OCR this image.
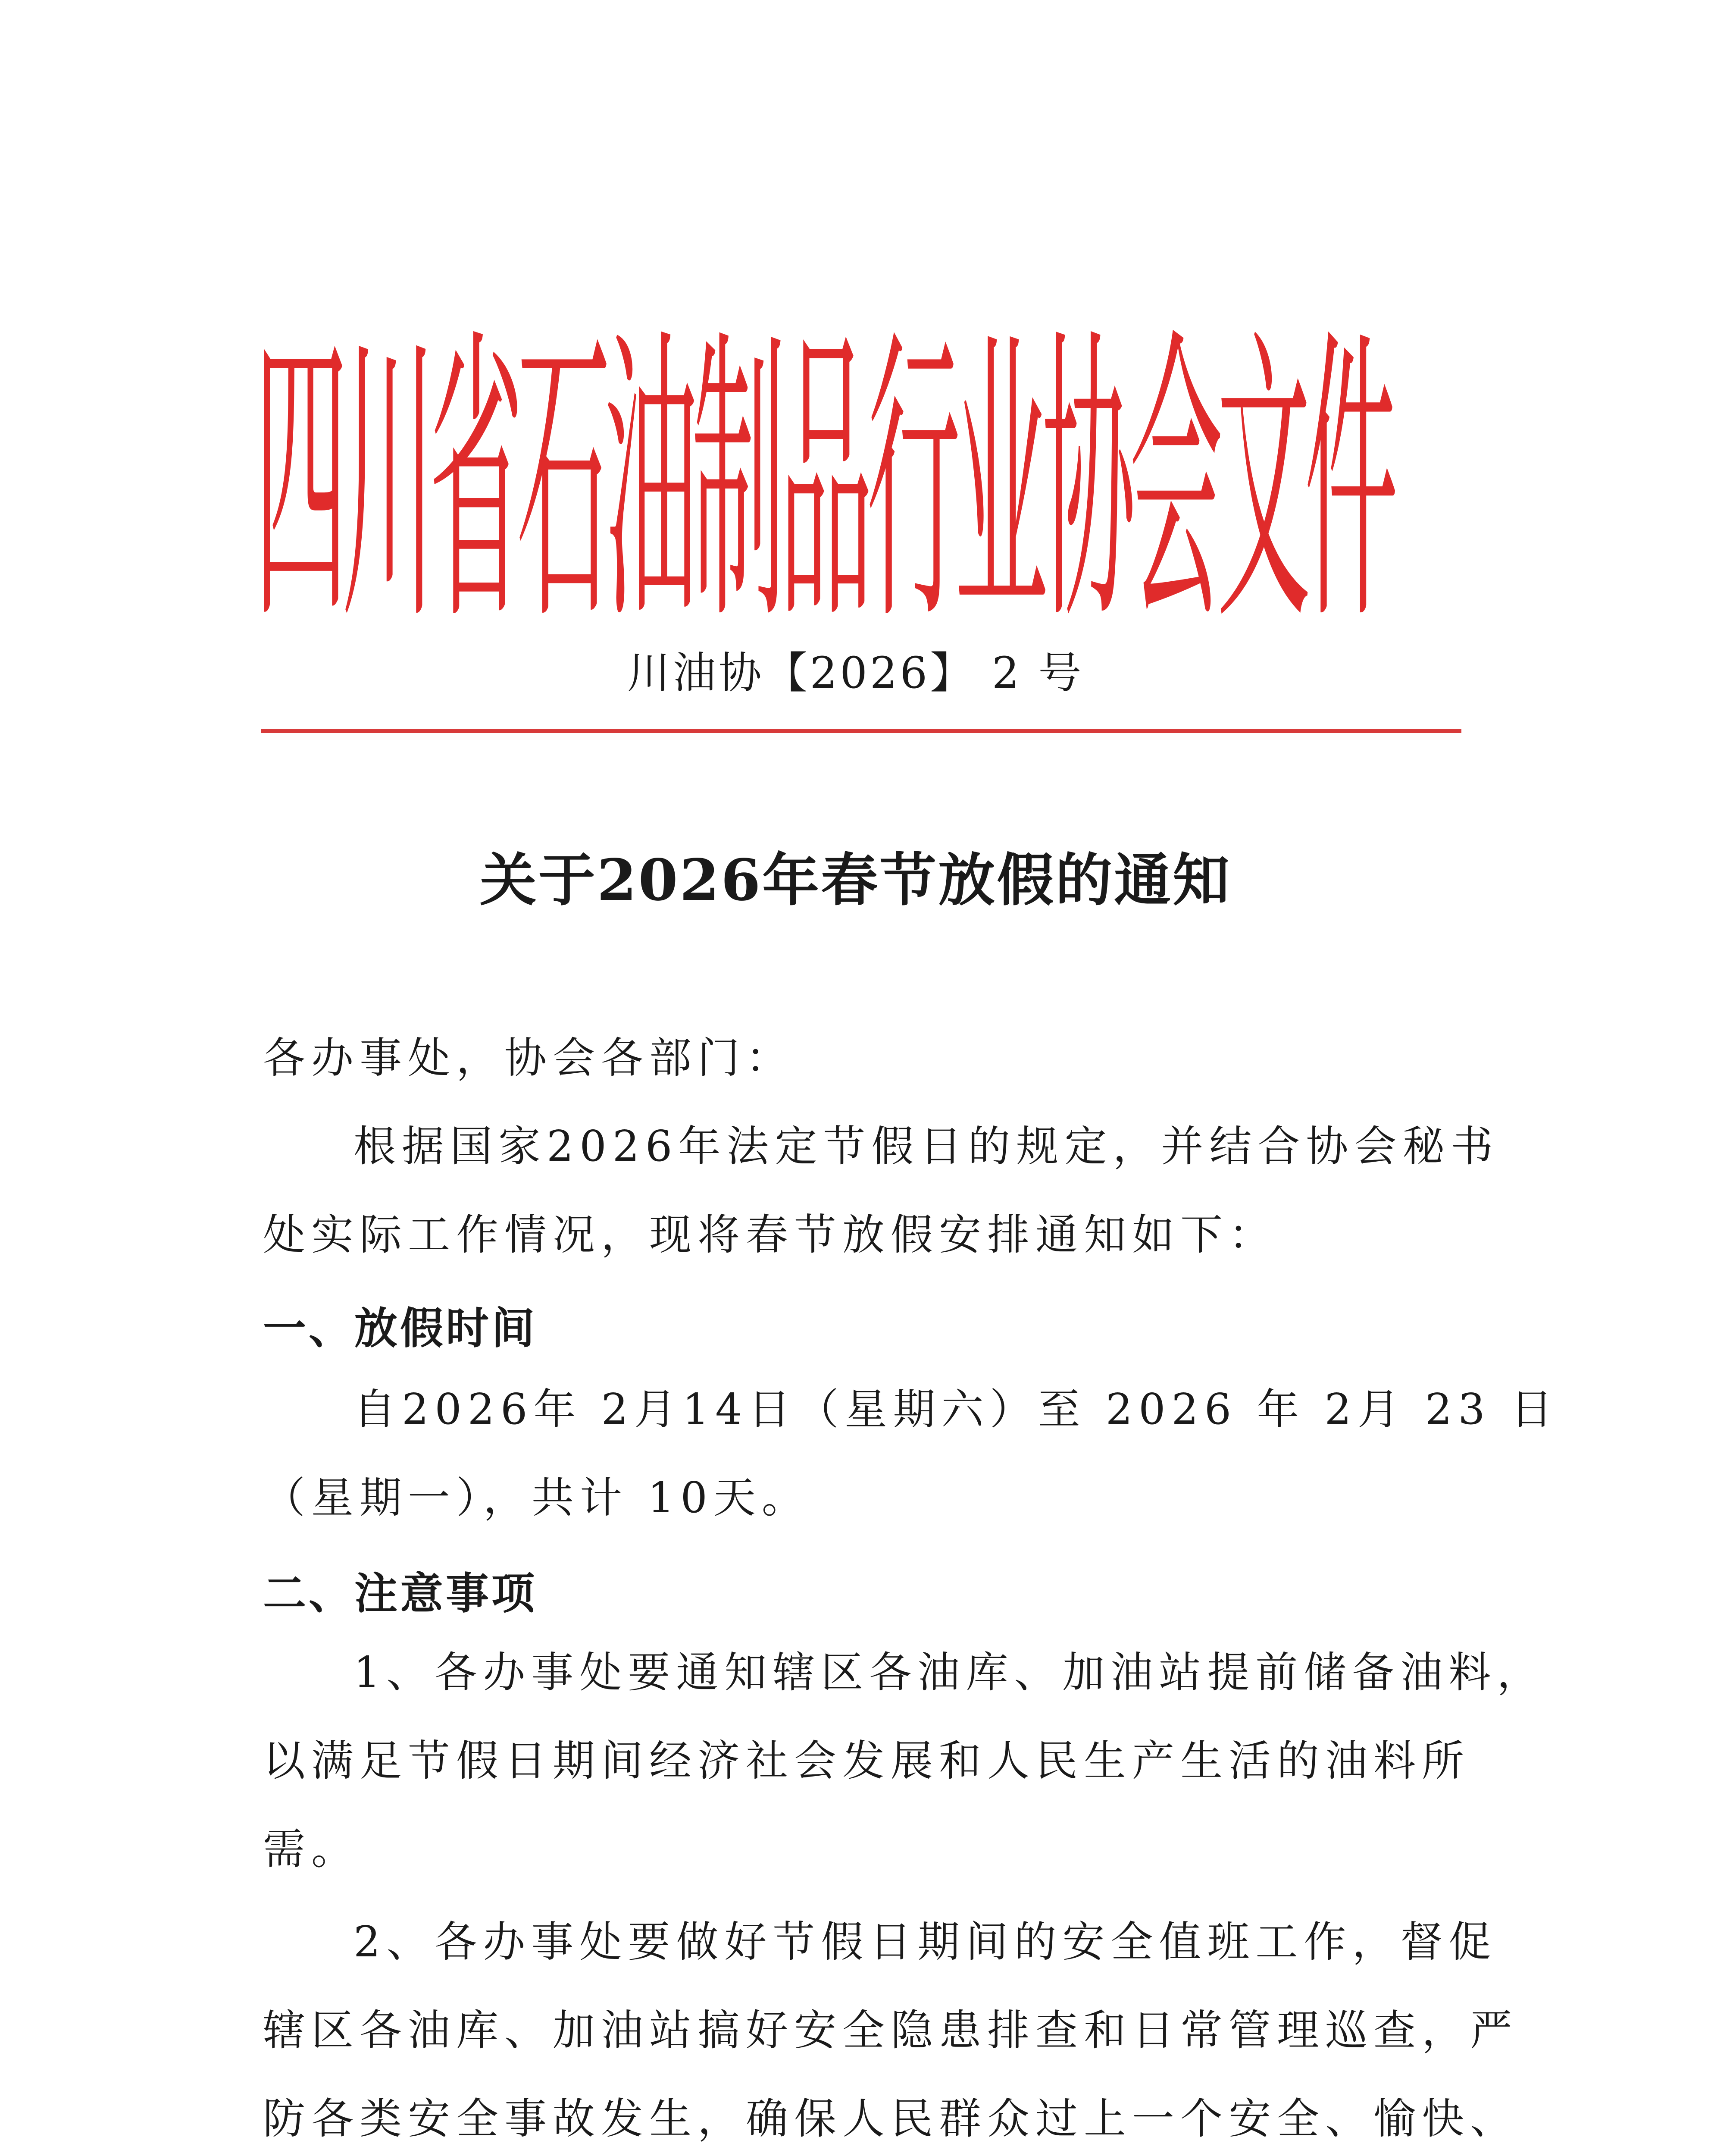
四川省石油制品行业协会文件
川油协【2026】 2 号
关于2026年春节放假的通知
各办事处，协会各部门：
根据国家2026年法定节假日的规定，并结合协会秘书
处实际工作情况，现将春节放假安排通知如下：
一、放假时间
自2026年 2月14日（星期六）至 2026 年 2月 23 日
（星期一），共计 10天。
二、注意事项
1、各办事处要通知辖区各油库、加油站提前储备油料，
以满足节假日期间经济社会发展和人民生产生活的油料所
需。
2、各办事处要做好节假日期间的安全值班工作，督促
辖区各油库、加油站搞好安全隐患排查和日常管理巡查，严
防各类安全事故发生，确保人民群众过上一个安全、愉快、
